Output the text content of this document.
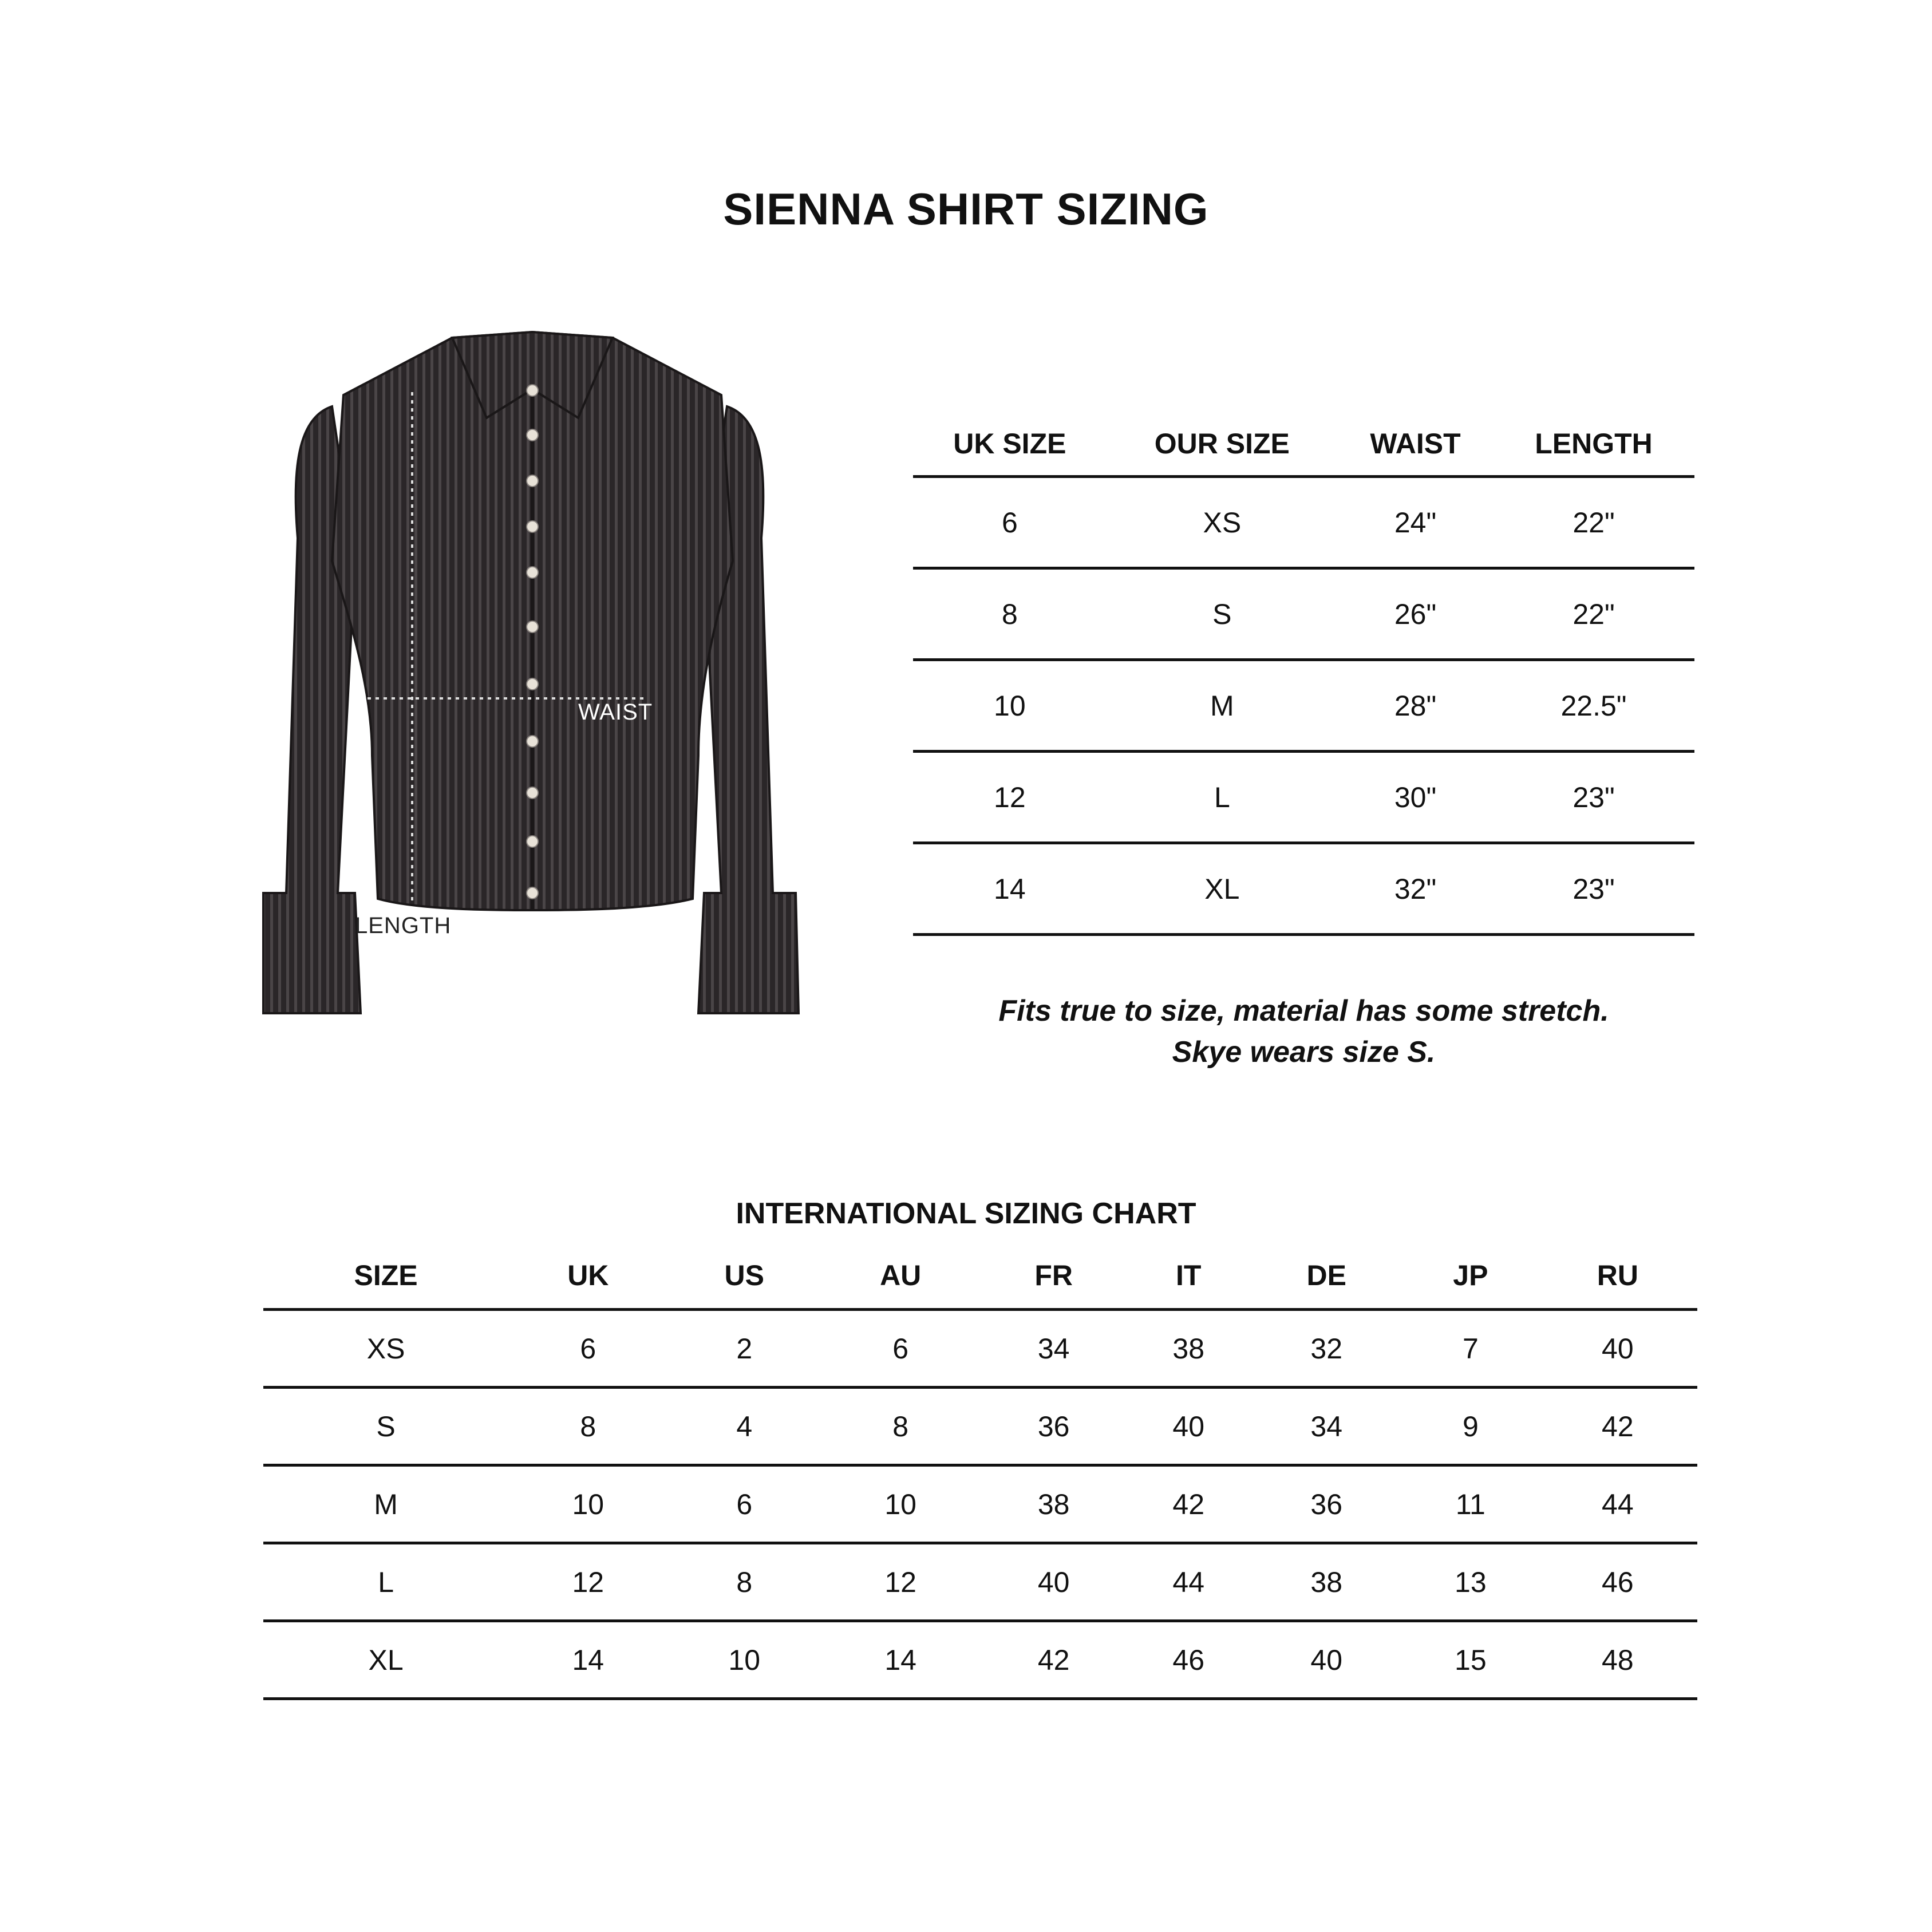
SIENNA SHIRT SIZING
WAIST
LENGTH
UK SIZE	OUR SIZE	WAIST	LENGTH
6	XS	24"	22"
8	S	26"	22"
10	M	28"	22.5"
12	L	30"	23"
14	XL	32"	23"
Fits true to size, material has some stretch.
Skye wears size S.
INTERNATIONAL SIZING CHART
SIZE	UK	US	AU	FR	IT	DE	JP	RU
XS	6	2	6	34	38	32	7	40
S	8	4	8	36	40	34	9	42
M	10	6	10	38	42	36	11	44
L	12	8	12	40	44	38	13	46
XL	14	10	14	42	46	40	15	48
